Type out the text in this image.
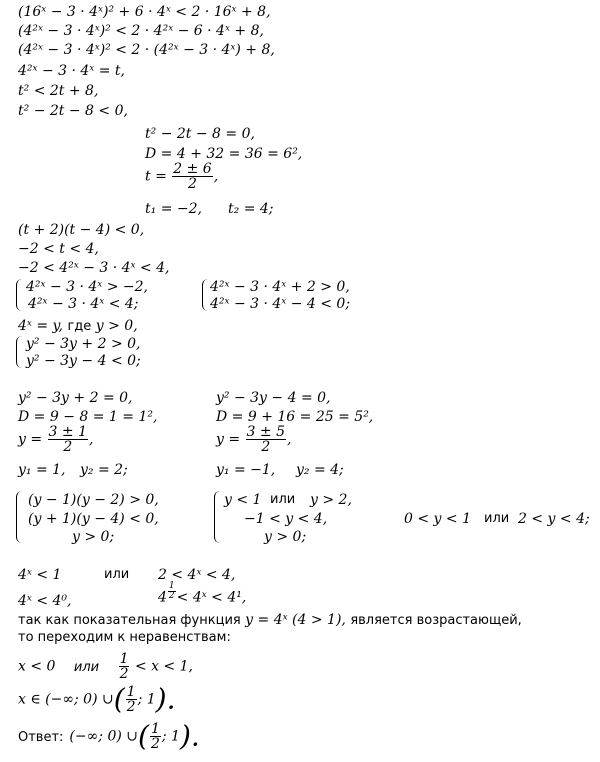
(16ˣ − 3 · 4ˣ)² + 6 · 4ˣ < 2 · 16ˣ + 8,
(4²ˣ − 3 · 4ˣ)² < 2 · 4²ˣ − 6 · 4ˣ + 8,
(4²ˣ − 3 · 4ˣ)² < 2 · (4²ˣ − 3 · 4ˣ) + 8,
4²ˣ − 3 · 4ˣ = t,
t² < 2t + 8,
t² − 2t − 8 < 0,
t² − 2t − 8 = 0,
D = 4 + 32 = 36 = 6²,
$t = \frac{2 \pm 6}{2}$ ,
t₁ = −2, t₂ = 4;
(t + 2)(t − 4) < 0,
−2 < t < 4,
−2 < 4²ˣ − 3 · 4ˣ < 4,
4²ˣ − 3 · 4ˣ > −2,
4²ˣ − 3 · 4ˣ < 4;
4²ˣ − 3 · 4ˣ + 2 > 0,
4²ˣ − 3 · 4ˣ − 4 < 0;
4ˣ = y, где y > 0,
y² − 3y + 2 > 0,
y² − 3y − 4 < 0;
y² − 3y + 2 = 0,
D = 9 − 8 = 1 = 1²,
$y = \frac{3 \pm 1}{2}$ ,
y₁ = 1, y₂ = 2;
y² − 3y − 4 = 0,
D = 9 + 16 = 25 = 5²,
$y = \frac{3 \pm 5}{2}$ ,
y₁ = −1, y₂ = 4;
(y − 1)(y − 2) > 0,
(y + 1)(y − 4) < 0,
y > 0;
y < 1 или y > 2,
−1 < y < 4,
y > 0;
0 < y < 1 или 2 < y < 4;
4ˣ < 1	или 2 < 4ˣ < 4,
4ˣ < 4⁰,	$4 \frac{1}{2}$ < 4ˣ < 4¹,
так как показательная функция y = 4ˣ (4 > 1), является возрастающей,
то переходим к неравенствам:
x < 0 или $\frac{1}{2} < x < 1$,
x ∈ (−∞; 0) ∪( $\frac{1}{2}$ ; 1).
Ответ: (−∞; 0) ∪( $\frac{1}{2}$ ; 1).
